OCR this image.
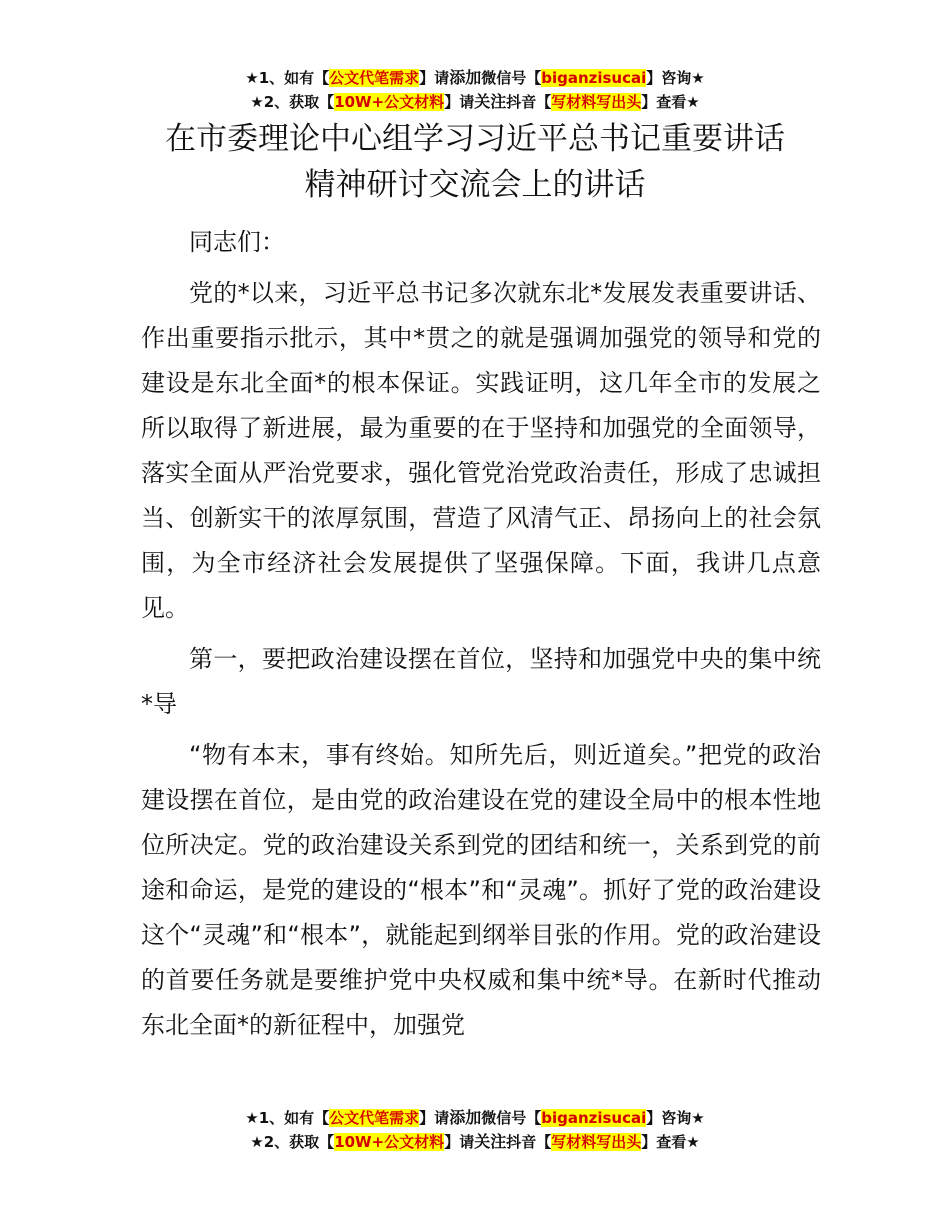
★1、如有【公文代笔需求】请添加微信号【biganzisucai】咨询★
★2、获取【10W+公文材料】请关注抖音【写材料写出头】查看★
在市委理论中心组学习习近平总书记重要讲话
精神研讨交流会上的讲话

同志们：

党的*以来，习近平总书记多次就东北*发展发表重要讲话、作出重要指示批示，其中*贯之的就是强调加强党的领导和党的建设是东北全面*的根本保证。实践证明，这几年全市的发展之所以取得了新进展，最为重要的在于坚持和加强党的全面领导，落实全面从严治党要求，强化管党治党政治责任，形成了忠诚担当、创新实干的浓厚氛围，营造了风清气正、昂扬向上的社会氛围，为全市经济社会发展提供了坚强保障。下面，我讲几点意见。

第一，要把政治建设摆在首位，坚持和加强党中央的集中统*导

“物有本末，事有终始。知所先后，则近道矣。”把党的政治建设摆在首位，是由党的政治建设在党的建设全局中的根本性地位所决定。党的政治建设关系到党的团结和统一，关系到党的前途和命运，是党的建设的“根本”和“灵魂”。抓好了党的政治建设这个“灵魂”和“根本”，就能起到纲举目张的作用。党的政治建设的首要任务就是要维护党中央权威和集中统*导。在新时代推动东北全面*的新征程中，加强党

★1、如有【公文代笔需求】请添加微信号【biganzisucai】咨询★
★2、获取【10W+公文材料】请关注抖音【写材料写出头】查看★
